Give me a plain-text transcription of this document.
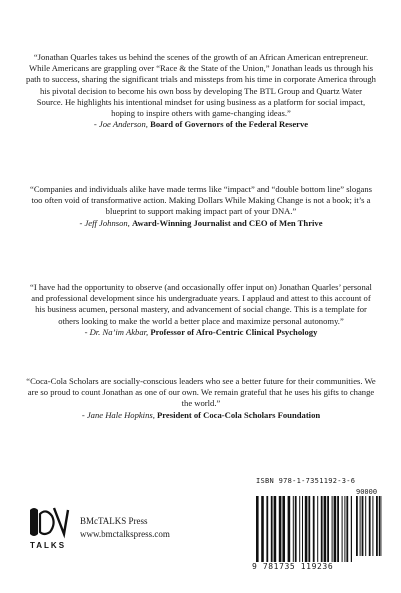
“Jonathan Quarles takes us behind the scenes of the growth of an African American entrepreneur. While Americans are grappling over “Race & the State of the Union,” Jonathan leads us through his path to success, sharing the significant trials and missteps from his time in corporate America through his pivotal decision to become his own boss by developing The BTL Group and Quartz Water Source. He highlights his intentional mindset for using business as a platform for social impact, hoping to inspire others with game-changing ideas.”
- Joe Anderson, Board of Governors of the Federal Reserve
“Companies and individuals alike have made terms like “impact” and “double bottom line” slogans too often void of transformative action. Making Dollars While Making Change is not a book; it’s a blueprint to support making impact part of your DNA.”
- Jeff Johnson, Award-Winning Journalist and CEO of Men Thrive
“I have had the opportunity to observe (and occasionally offer input on) Jonathan Quarles’ personal and professional development since his undergraduate years. I applaud and attest to this account of his business acumen, personal mastery, and advancement of social change. This is a template for others looking to make the world a better place and maximize personal autonomy.”
- Dr. Na’im Akbar, Professor of Afro-Centric Clinical Psychology
“Coca-Cola Scholars are socially-conscious leaders who see a better future for their communities. We are so proud to count Jonathan as one of our own. We remain grateful that he uses his gifts to change the world.”
- Jane Hale Hopkins, President of Coca-Cola Scholars Foundation
BMc
TALKS
BMcTALKS Press
www.bmctalkspress.com
ISBN 978-1-7351192-3-6
90000
9 781735 119236
